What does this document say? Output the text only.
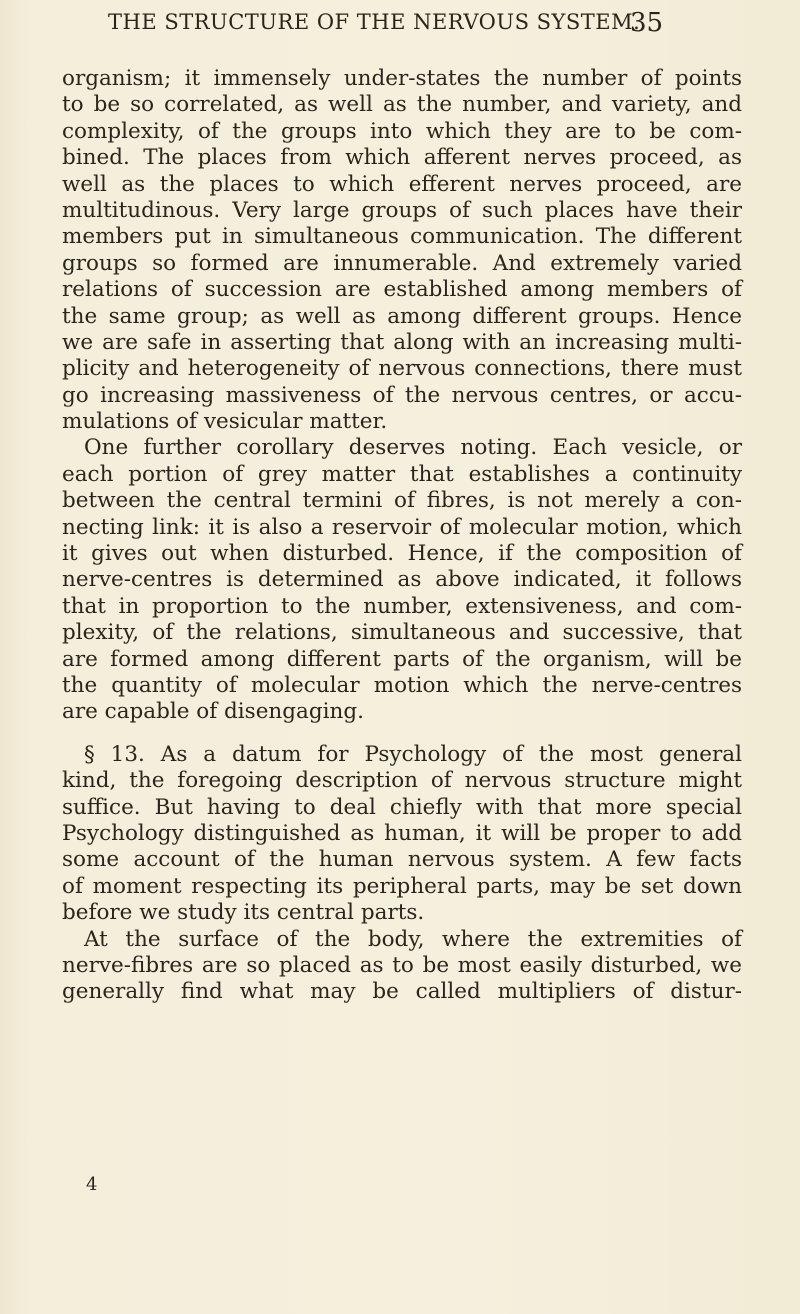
THE STRUCTURE OF THE NERVOUS SYSTEM.
35
organism; it immensely under-states the number of points
to be so correlated, as well as the number, and variety, and
complexity, of the groups into which they are to be com-
bined. The places from which afferent nerves proceed, as
well as the places to which efferent nerves proceed, are
multitudinous. Very large groups of such places have their
members put in simultaneous communication. The different
groups so formed are innumerable. And extremely varied
relations of succession are established among members of
the same group; as well as among different groups. Hence
we are safe in asserting that along with an increasing multi-
plicity and heterogeneity of nervous connections, there must
go increasing massiveness of the nervous centres, or accu-
mulations of vesicular matter.
One further corollary deserves noting. Each vesicle, or
each portion of grey matter that establishes a continuity
between the central termini of fibres, is not merely a con-
necting link: it is also a reservoir of molecular motion, which
it gives out when disturbed. Hence, if the composition of
nerve-centres is determined as above indicated, it follows
that in proportion to the number, extensiveness, and com-
plexity, of the relations, simultaneous and successive, that
are formed among different parts of the organism, will be
the quantity of molecular motion which the nerve-centres
are capable of disengaging.
§ 13. As a datum for Psychology of the most general
kind, the foregoing description of nervous structure might
suffice. But having to deal chiefly with that more special
Psychology distinguished as human, it will be proper to add
some account of the human nervous system. A few facts
of moment respecting its peripheral parts, may be set down
before we study its central parts.
At the surface of the body, where the extremities of
nerve-fibres are so placed as to be most easily disturbed, we
generally find what may be called multipliers of distur-
4
